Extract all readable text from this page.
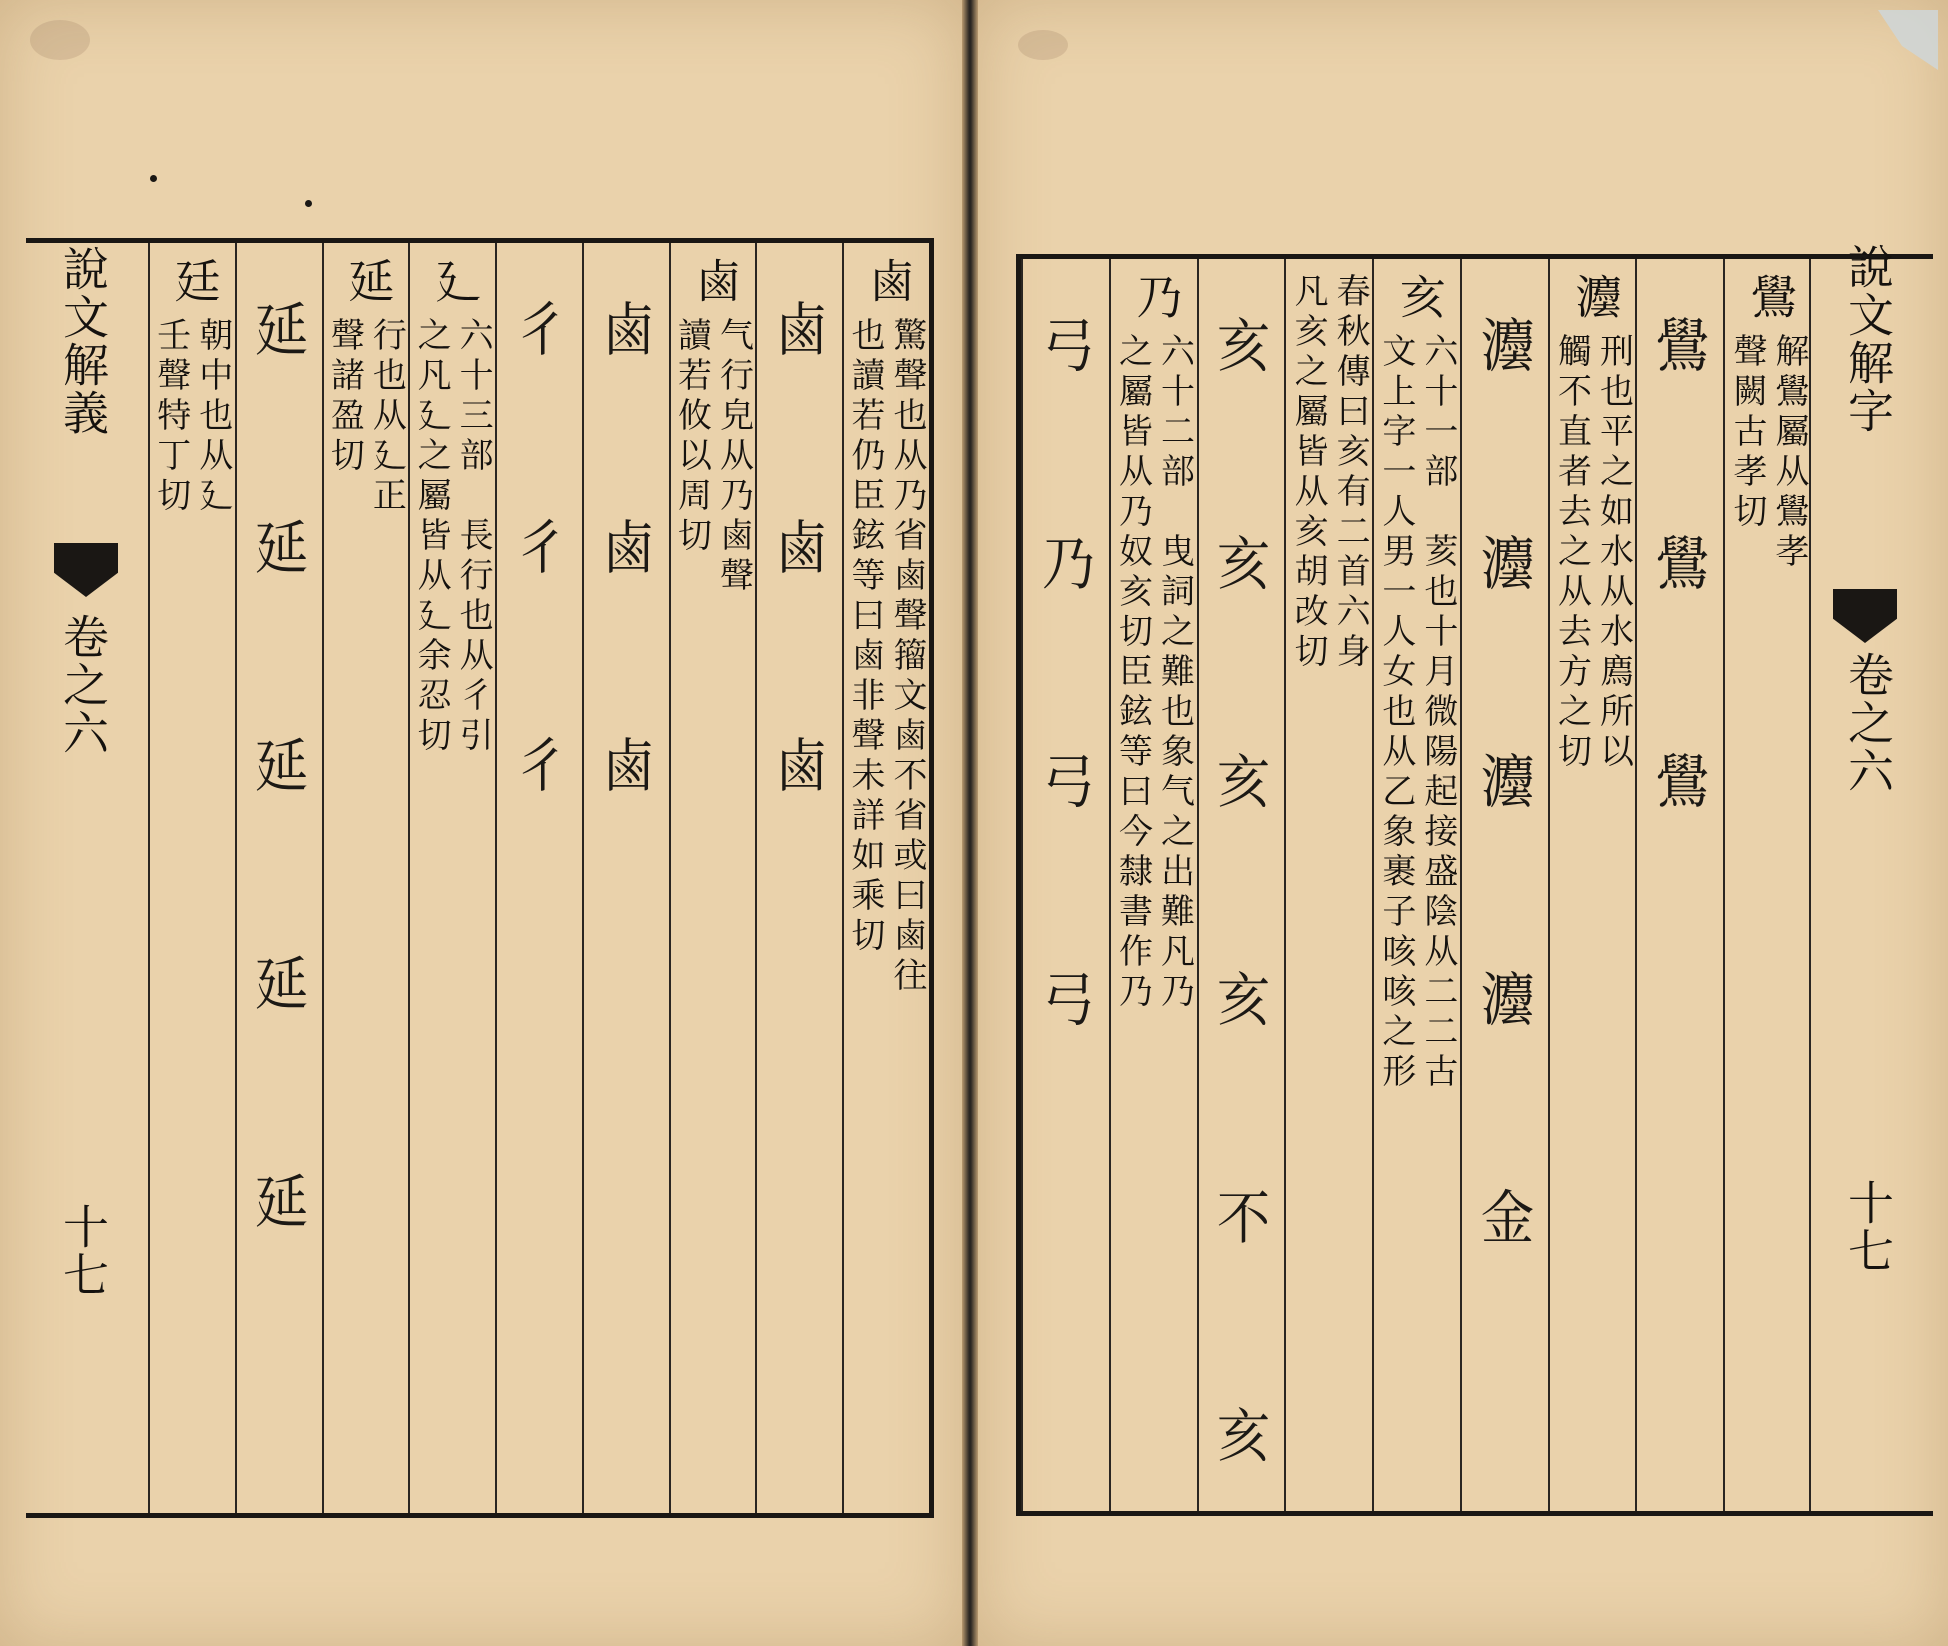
說文解義
卷之六
十七
鹵
驚聲也从乃省鹵聲籀文鹵不省或曰鹵往
也讀若仍臣鉉等曰鹵非聲未詳如乘切
鹵 鹵 鹵
鹵
气行皃从乃鹵聲
讀若攸以周切
鹵 鹵 鹵
彳 彳 彳
廴
六十三部　長行也从彳引
之凡廴之屬皆从廴余忍切
延
行也从廴正
聲諸盈切
延 延 延 延 延
廷
朝中也从廴
壬聲特丁切
鷽
解鷽屬从鷽孝
聲闕古孝切
鷽 鷽 鷽
灋
刑也平之如水从水廌所以
觸不直者去之从去方之切
灋 灋 灋 灋 金
亥
六十一部　荄也十月微陽起接盛陰从二二古
文上字一人男一人女也从乙象裹子咳咳之形
春秋傳曰亥有二首六身
凡亥之屬皆从亥胡改切
亥 亥 亥 亥 不 亥
乃
六十二部　曳詞之難也象气之出難凡乃
之屬皆从乃奴亥切臣鉉等曰今隸書作乃
弓 乃 弓 弓	說文解字
卷之六
十七
